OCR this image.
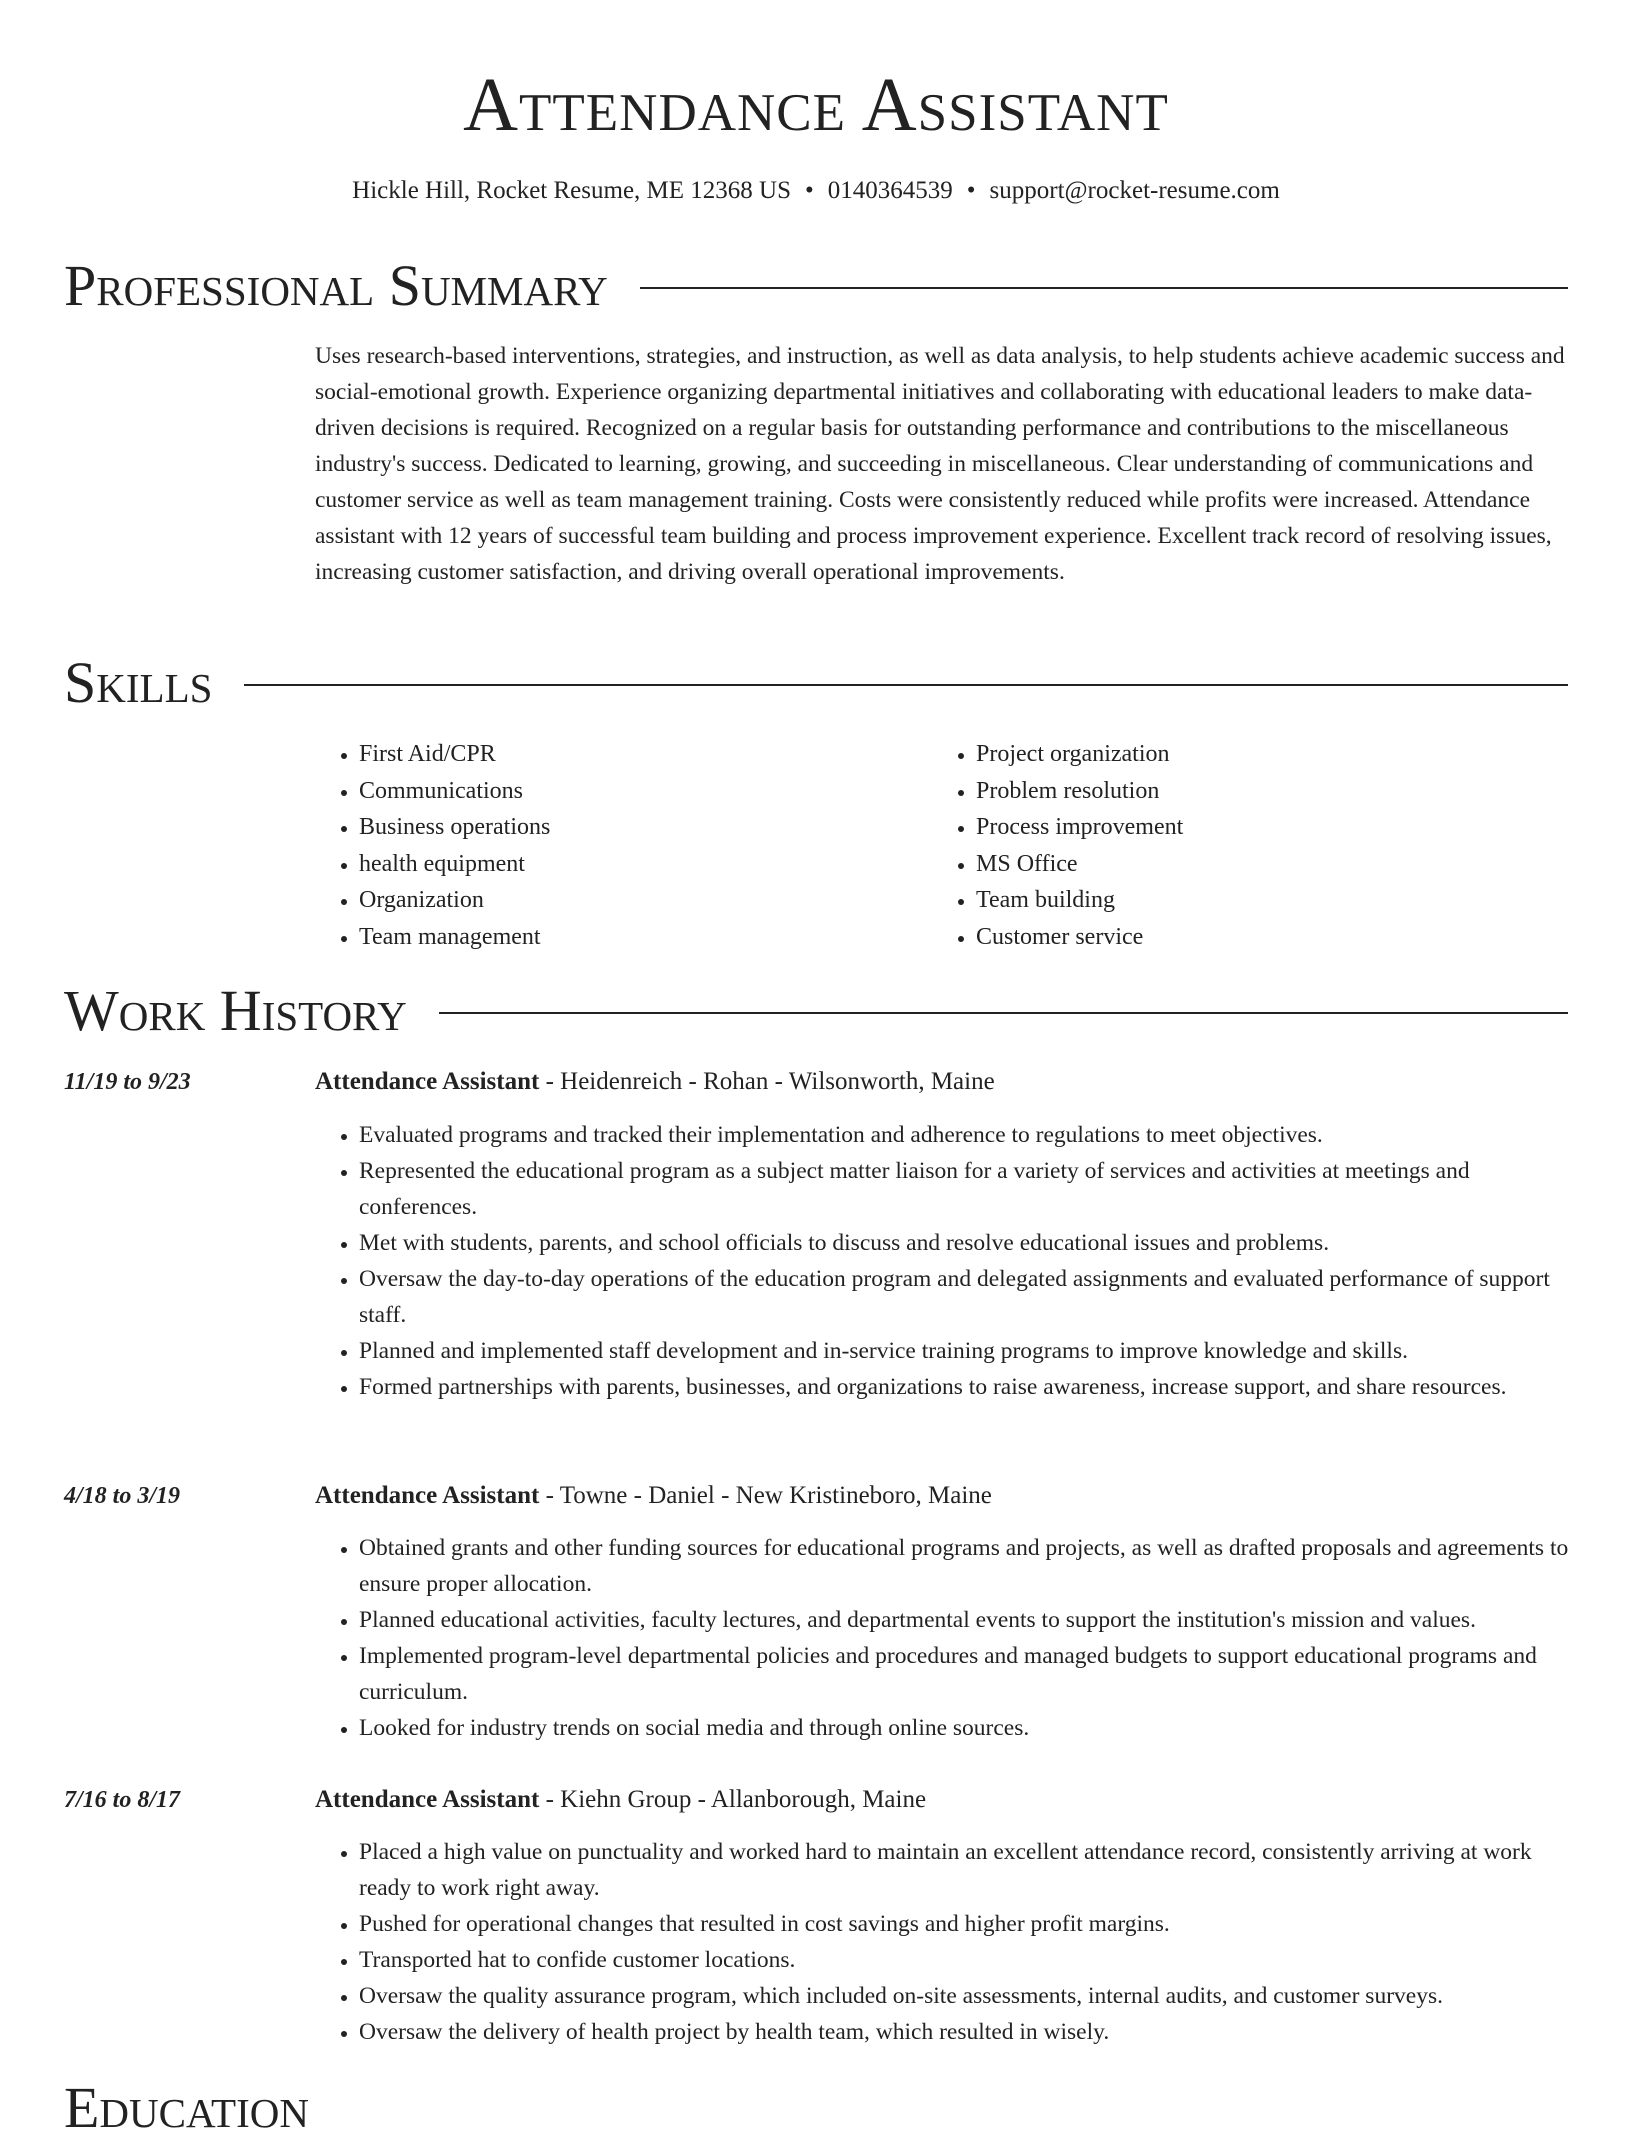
Attendance Assistant
Hickle Hill, Rocket Resume, ME 12368 US • 0140364539 • support@rocket-resume.com
Professional Summary
Uses research-based interventions, strategies, and instruction, as well as data analysis, to help students achieve academic success and social-emotional growth. Experience organizing departmental initiatives and collaborating with educational leaders to make data-driven decisions is required. Recognized on a regular basis for outstanding performance and contributions to the miscellaneous industry's success. Dedicated to learning, growing, and succeeding in miscellaneous. Clear understanding of communications and customer service as well as team management training. Costs were consistently reduced while profits were increased. Attendance assistant with 12 years of successful team building and process improvement experience. Excellent track record of resolving issues, increasing customer satisfaction, and driving overall operational improvements.
Skills
• First Aid/CPR
• Communications
• Business operations
• health equipment
• Organization
• Team management
• Project organization
• Problem resolution
• Process improvement
• MS Office
• Team building
• Customer service
Work History
11/19 to 9/23	Attendance Assistant - Heidenreich - Rohan - Wilsonworth, Maine
• Evaluated programs and tracked their implementation and adherence to regulations to meet objectives.
• Represented the educational program as a subject matter liaison for a variety of services and activities at meetings and conferences.
• Met with students, parents, and school officials to discuss and resolve educational issues and problems.
• Oversaw the day-to-day operations of the education program and delegated assignments and evaluated performance of support staff.
• Planned and implemented staff development and in-service training programs to improve knowledge and skills.
• Formed partnerships with parents, businesses, and organizations to raise awareness, increase support, and share resources.
4/18 to 3/19	Attendance Assistant - Towne - Daniel - New Kristineboro, Maine
• Obtained grants and other funding sources for educational programs and projects, as well as drafted proposals and agreements to ensure proper allocation.
• Planned educational activities, faculty lectures, and departmental events to support the institution's mission and values.
• Implemented program-level departmental policies and procedures and managed budgets to support educational programs and curriculum.
• Looked for industry trends on social media and through online sources.
7/16 to 8/17	Attendance Assistant - Kiehn Group - Allanborough, Maine
• Placed a high value on punctuality and worked hard to maintain an excellent attendance record, consistently arriving at work ready to work right away.
• Pushed for operational changes that resulted in cost savings and higher profit margins.
• Transported hat to confide customer locations.
• Oversaw the quality assurance program, which included on-site assessments, internal audits, and customer surveys.
• Oversaw the delivery of health project by health team, which resulted in wisely.
Education
